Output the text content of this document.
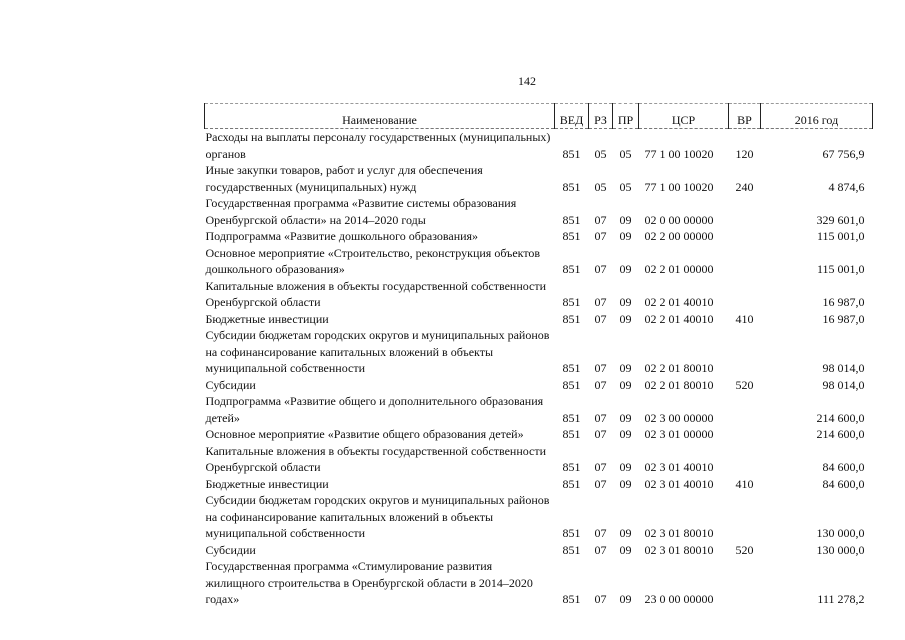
142
Наименование	ВЕД	РЗ	ПР	ЦСР	ВР	2016 год
Расходы на выплаты персоналу государственных (муниципальных) органов	851	05	05	77 1 00 10020	120	67 756,9
Иные закупки товаров, работ и услуг для обеспечения государственных (муниципальных) нужд	851	05	05	77 1 00 10020	240	4 874,6
Государственная программа «Развитие системы образования Оренбургской области» на 2014–2020 годы	851	07	09	02 0 00 00000		329 601,0
Подпрограмма «Развитие дошкольного образования»	851	07	09	02 2 00 00000		115 001,0
Основное мероприятие «Строительство, реконструкция объектов дошкольного образования»	851	07	09	02 2 01 00000		115 001,0
Капитальные вложения в объекты государственной собственности Оренбургской области	851	07	09	02 2 01 40010		16 987,0
Бюджетные инвестиции	851	07	09	02 2 01 40010	410	16 987,0
Субсидии бюджетам городских округов и муниципальных районов на софинансирование капитальных вложений в объекты муниципальной собственности	851	07	09	02 2 01 80010		98 014,0
Субсидии	851	07	09	02 2 01 80010	520	98 014,0
Подпрограмма «Развитие общего и дополнительного образования детей»	851	07	09	02 3 00 00000		214 600,0
Основное мероприятие «Развитие общего образования детей»	851	07	09	02 3 01 00000		214 600,0
Капитальные вложения в объекты государственной собственности Оренбургской области	851	07	09	02 3 01 40010		84 600,0
Бюджетные инвестиции	851	07	09	02 3 01 40010	410	84 600,0
Субсидии бюджетам городских округов и муниципальных районов на софинансирование капитальных вложений в объекты муниципальной собственности	851	07	09	02 3 01 80010		130 000,0
Субсидии	851	07	09	02 3 01 80010	520	130 000,0
Государственная программа «Стимулирование развития жилищного строительства в Оренбургской области в 2014–2020 годах»	851	07	09	23 0 00 00000		111 278,2
